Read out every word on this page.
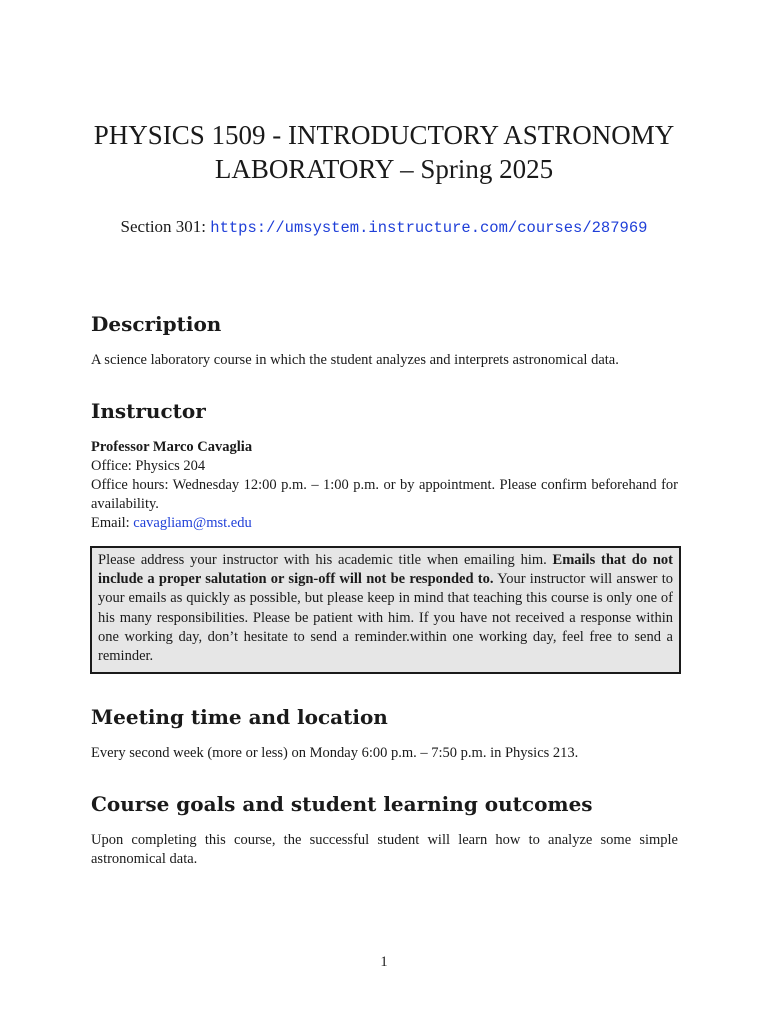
PHYSICS 1509 - INTRODUCTORY ASTRONOMY
LABORATORY – Spring 2025
Section 301: https://umsystem.instructure.com/courses/287969
Description
A science laboratory course in which the student analyzes and interprets astronomical data.
Instructor
Professor Marco Cavaglia
Office: Physics 204
Office hours: Wednesday 12:00 p.m. – 1:00 p.m. or by appointment. Please confirm beforehand for availability.
Email: cavagliam@mst.edu
Please address your instructor with his academic title when emailing him. Emails that do not include a proper salutation or sign-off will not be responded to. Your instructor will answer to your emails as quickly as possible, but please keep in mind that teaching this course is only one of his many responsibilities. Please be patient with him. If you have not received a response within one working day, don’t hesitate to send a reminder.within one working day, feel free to send a reminder.
Meeting time and location
Every second week (more or less) on Monday 6:00 p.m. – 7:50 p.m. in Physics 213.
Course goals and student learning outcomes
Upon completing this course, the successful student will learn how to analyze some simple astronomical data.
1
